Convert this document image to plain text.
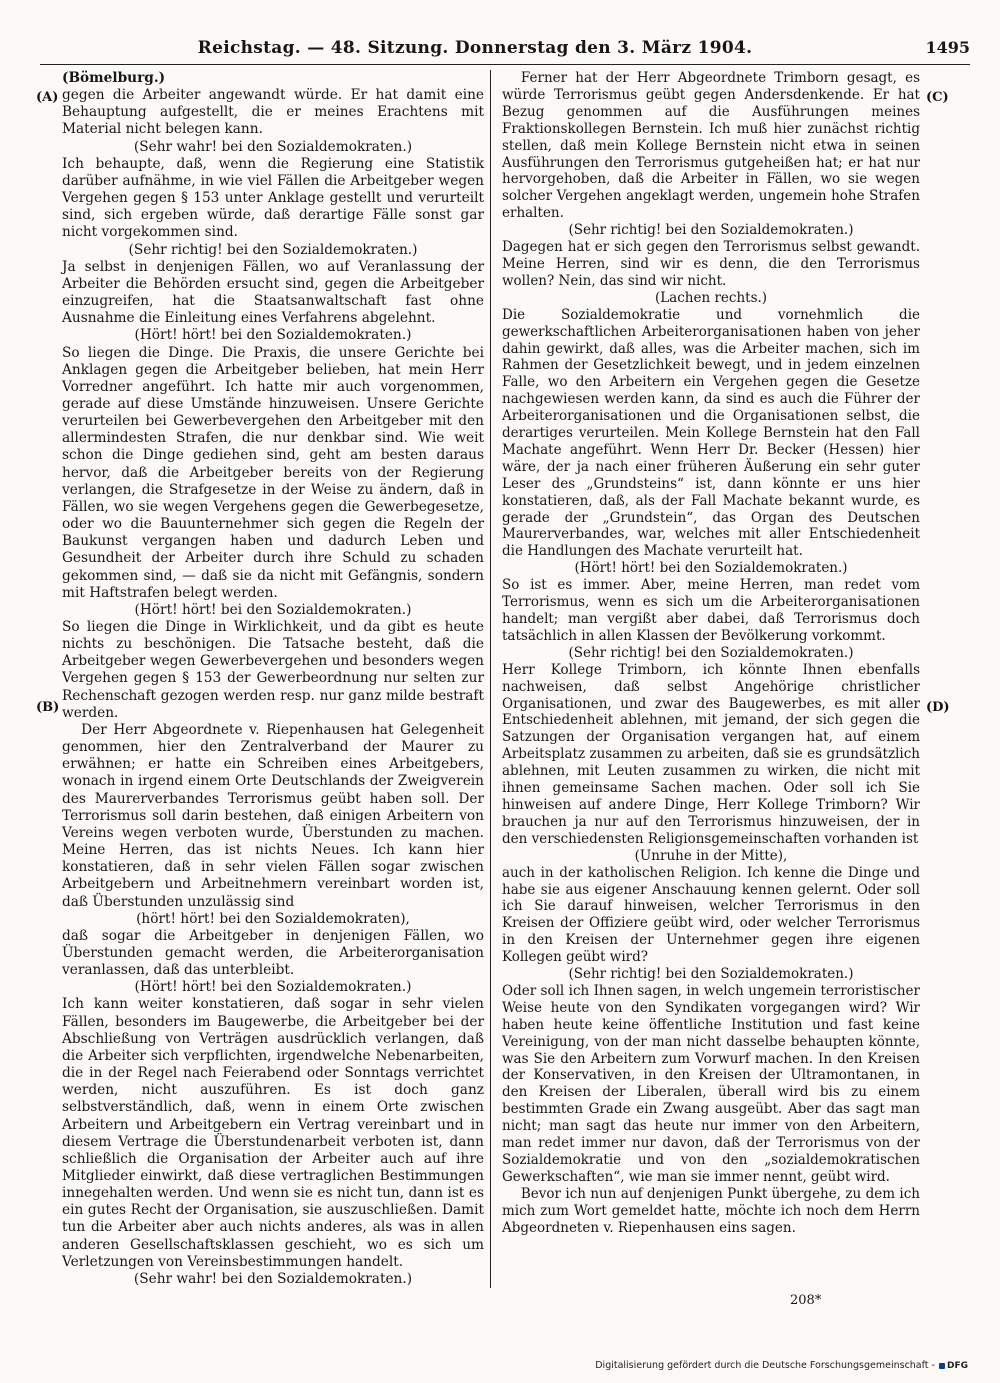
Reichstag. — 48. Sitzung. Donnerstag den 3. März 1904.	1495
(A)
(B)
(C)
(D)

(Bömelburg.)

gegen die Arbeiter angewandt würde. Er hat damit eine Behauptung aufgestellt, die er meines Erachtens mit Material nicht belegen kann.

(Sehr wahr! bei den Sozialdemokraten.)

Ich behaupte, daß, wenn die Regierung eine Statistik darüber aufnähme, in wie viel Fällen die Arbeitgeber wegen Vergehen gegen § 153 unter Anklage gestellt und verurteilt sind, sich ergeben würde, daß derartige Fälle sonst gar nicht vorgekommen sind.

(Sehr richtig! bei den Sozialdemokraten.)

Ja selbst in denjenigen Fällen, wo auf Veranlassung der Arbeiter die Behörden ersucht sind, gegen die Arbeitgeber einzugreifen, hat die Staatsanwaltschaft fast ohne Ausnahme die Einleitung eines Verfahrens abgelehnt.

(Hört! hört! bei den Sozialdemokraten.)

So liegen die Dinge. Die Praxis, die unsere Gerichte bei Anklagen gegen die Arbeitgeber belieben, hat mein Herr Vorredner angeführt. Ich hatte mir auch vorgenommen, gerade auf diese Umstände hinzuweisen. Unsere Gerichte verurteilen bei Gewerbevergehen den Arbeitgeber mit den allermindesten Strafen, die nur denkbar sind. Wie weit schon die Dinge gediehen sind, geht am besten daraus hervor, daß die Arbeitgeber bereits von der Regierung verlangen, die Strafgesetze in der Weise zu ändern, daß in Fällen, wo sie wegen Vergehens gegen die Gewerbegesetze, oder wo die Bauunternehmer sich gegen die Regeln der Baukunst vergangen haben und dadurch Leben und Gesundheit der Arbeiter durch ihre Schuld zu schaden gekommen sind, — daß sie da nicht mit Gefängnis, sondern mit Haftstrafen belegt werden.

(Hört! hört! bei den Sozialdemokraten.)

So liegen die Dinge in Wirklichkeit, und da gibt es heute nichts zu beschönigen. Die Tatsache besteht, daß die Arbeitgeber wegen Gewerbevergehen und besonders wegen Vergehen gegen § 153 der Gewerbeordnung nur selten zur Rechenschaft gezogen werden resp. nur ganz milde bestraft werden.

Der Herr Abgeordnete v. Riepenhausen hat Gelegenheit genommen, hier den Zentralverband der Maurer zu erwähnen; er hatte ein Schreiben eines Arbeitgebers, wonach in irgend einem Orte Deutschlands der Zweigverein des Maurerverbandes Terrorismus geübt haben soll. Der Terrorismus soll darin bestehen, daß einigen Arbeitern von Vereins wegen verboten wurde, Überstunden zu machen. Meine Herren, das ist nichts Neues. Ich kann hier konstatieren, daß in sehr vielen Fällen sogar zwischen Arbeitgebern und Arbeitnehmern vereinbart worden ist, daß Überstunden unzulässig sind

(hört! hört! bei den Sozialdemokraten),

daß sogar die Arbeitgeber in denjenigen Fällen, wo Überstunden gemacht werden, die Arbeiterorganisation veranlassen, daß das unterbleibt.

(Hört! hört! bei den Sozialdemokraten.)

Ich kann weiter konstatieren, daß sogar in sehr vielen Fällen, besonders im Baugewerbe, die Arbeitgeber bei der Abschließung von Verträgen ausdrücklich verlangen, daß die Arbeiter sich verpflichten, irgendwelche Nebenarbeiten, die in der Regel nach Feierabend oder Sonntags verrichtet werden, nicht auszuführen. Es ist doch ganz selbstverständlich, daß, wenn in einem Orte zwischen Arbeitern und Arbeitgebern ein Vertrag vereinbart und in diesem Vertrage die Überstundenarbeit verboten ist, dann schließlich die Organisation der Arbeiter auch auf ihre Mitglieder einwirkt, daß diese vertraglichen Bestimmungen innegehalten werden. Und wenn sie es nicht tun, dann ist es ein gutes Recht der Organisation, sie auszuschließen. Damit tun die Arbeiter aber auch nichts anderes, als was in allen anderen Gesellschaftsklassen geschieht, wo es sich um Verletzungen von Vereinsbestimmungen handelt.

(Sehr wahr! bei den Sozialdemokraten.)

Ferner hat der Herr Abgeordnete Trimborn gesagt, es würde Terrorismus geübt gegen Andersdenkende. Er hat Bezug genommen auf die Ausführungen meines Fraktionskollegen Bernstein. Ich muß hier zunächst richtig stellen, daß mein Kollege Bernstein nicht etwa in seinen Ausführungen den Terrorismus gutgeheißen hat; er hat nur hervorgehoben, daß die Arbeiter in Fällen, wo sie wegen solcher Vergehen angeklagt werden, ungemein hohe Strafen erhalten.

(Sehr richtig! bei den Sozialdemokraten.)

Dagegen hat er sich gegen den Terrorismus selbst gewandt. Meine Herren, sind wir es denn, die den Terrorismus wollen? Nein, das sind wir nicht.

(Lachen rechts.)

Die Sozialdemokratie und vornehmlich die gewerkschaftlichen Arbeiterorganisationen haben von jeher dahin gewirkt, daß alles, was die Arbeiter machen, sich im Rahmen der Gesetzlichkeit bewegt, und in jedem einzelnen Falle, wo den Arbeitern ein Vergehen gegen die Gesetze nachgewiesen werden kann, da sind es auch die Führer der Arbeiterorganisationen und die Organisationen selbst, die derartiges verurteilen. Mein Kollege Bernstein hat den Fall Machate angeführt. Wenn Herr Dr. Becker (Hessen) hier wäre, der ja nach einer früheren Äußerung ein sehr guter Leser des „Grundsteins“ ist, dann könnte er uns hier konstatieren, daß, als der Fall Machate bekannt wurde, es gerade der „Grundstein“, das Organ des Deutschen Maurerverbandes, war, welches mit aller Entschiedenheit die Handlungen des Machate verurteilt hat.

(Hört! hört! bei den Sozialdemokraten.)

So ist es immer. Aber, meine Herren, man redet vom Terrorismus, wenn es sich um die Arbeiterorganisationen handelt; man vergißt aber dabei, daß Terrorismus doch tatsächlich in allen Klassen der Bevölkerung vorkommt.

(Sehr richtig! bei den Sozialdemokraten.)

Herr Kollege Trimborn, ich könnte Ihnen ebenfalls nachweisen, daß selbst Angehörige christlicher Organisationen, und zwar des Baugewerbes, es mit aller Entschiedenheit ablehnen, mit jemand, der sich gegen die Satzungen der Organisation vergangen hat, auf einem Arbeitsplatz zusammen zu arbeiten, daß sie es grundsätzlich ablehnen, mit Leuten zusammen zu wirken, die nicht mit ihnen gemeinsame Sachen machen. Oder soll ich Sie hinweisen auf andere Dinge, Herr Kollege Trimborn? Wir brauchen ja nur auf den Terrorismus hinzuweisen, der in den verschiedensten Religionsgemeinschaften vorhanden ist

(Unruhe in der Mitte),

auch in der katholischen Religion. Ich kenne die Dinge und habe sie aus eigener Anschauung kennen gelernt. Oder soll ich Sie darauf hinweisen, welcher Terrorismus in den Kreisen der Offiziere geübt wird, oder welcher Terrorismus in den Kreisen der Unternehmer gegen ihre eigenen Kollegen geübt wird?

(Sehr richtig! bei den Sozialdemokraten.)

Oder soll ich Ihnen sagen, in welch ungemein terroristischer Weise heute von den Syndikaten vorgegangen wird? Wir haben heute keine öffentliche Institution und fast keine Vereinigung, von der man nicht dasselbe behaupten könnte, was Sie den Arbeitern zum Vorwurf machen. In den Kreisen der Konservativen, in den Kreisen der Ultramontanen, in den Kreisen der Liberalen, überall wird bis zu einem bestimmten Grade ein Zwang ausgeübt. Aber das sagt man nicht; man sagt das heute nur immer von den Arbeitern, man redet immer nur davon, daß der Terrorismus von der Sozialdemokratie und von den „sozialdemokratischen Gewerkschaften“, wie man sie immer nennt, geübt wird.

Bevor ich nun auf denjenigen Punkt übergehe, zu dem ich mich zum Wort gemeldet hatte, möchte ich noch dem Herrn Abgeordneten v. Riepenhausen eins sagen.

208*
Digitalisierung gefördert durch die Deutsche Forschungsgemeinschaft - DFG
